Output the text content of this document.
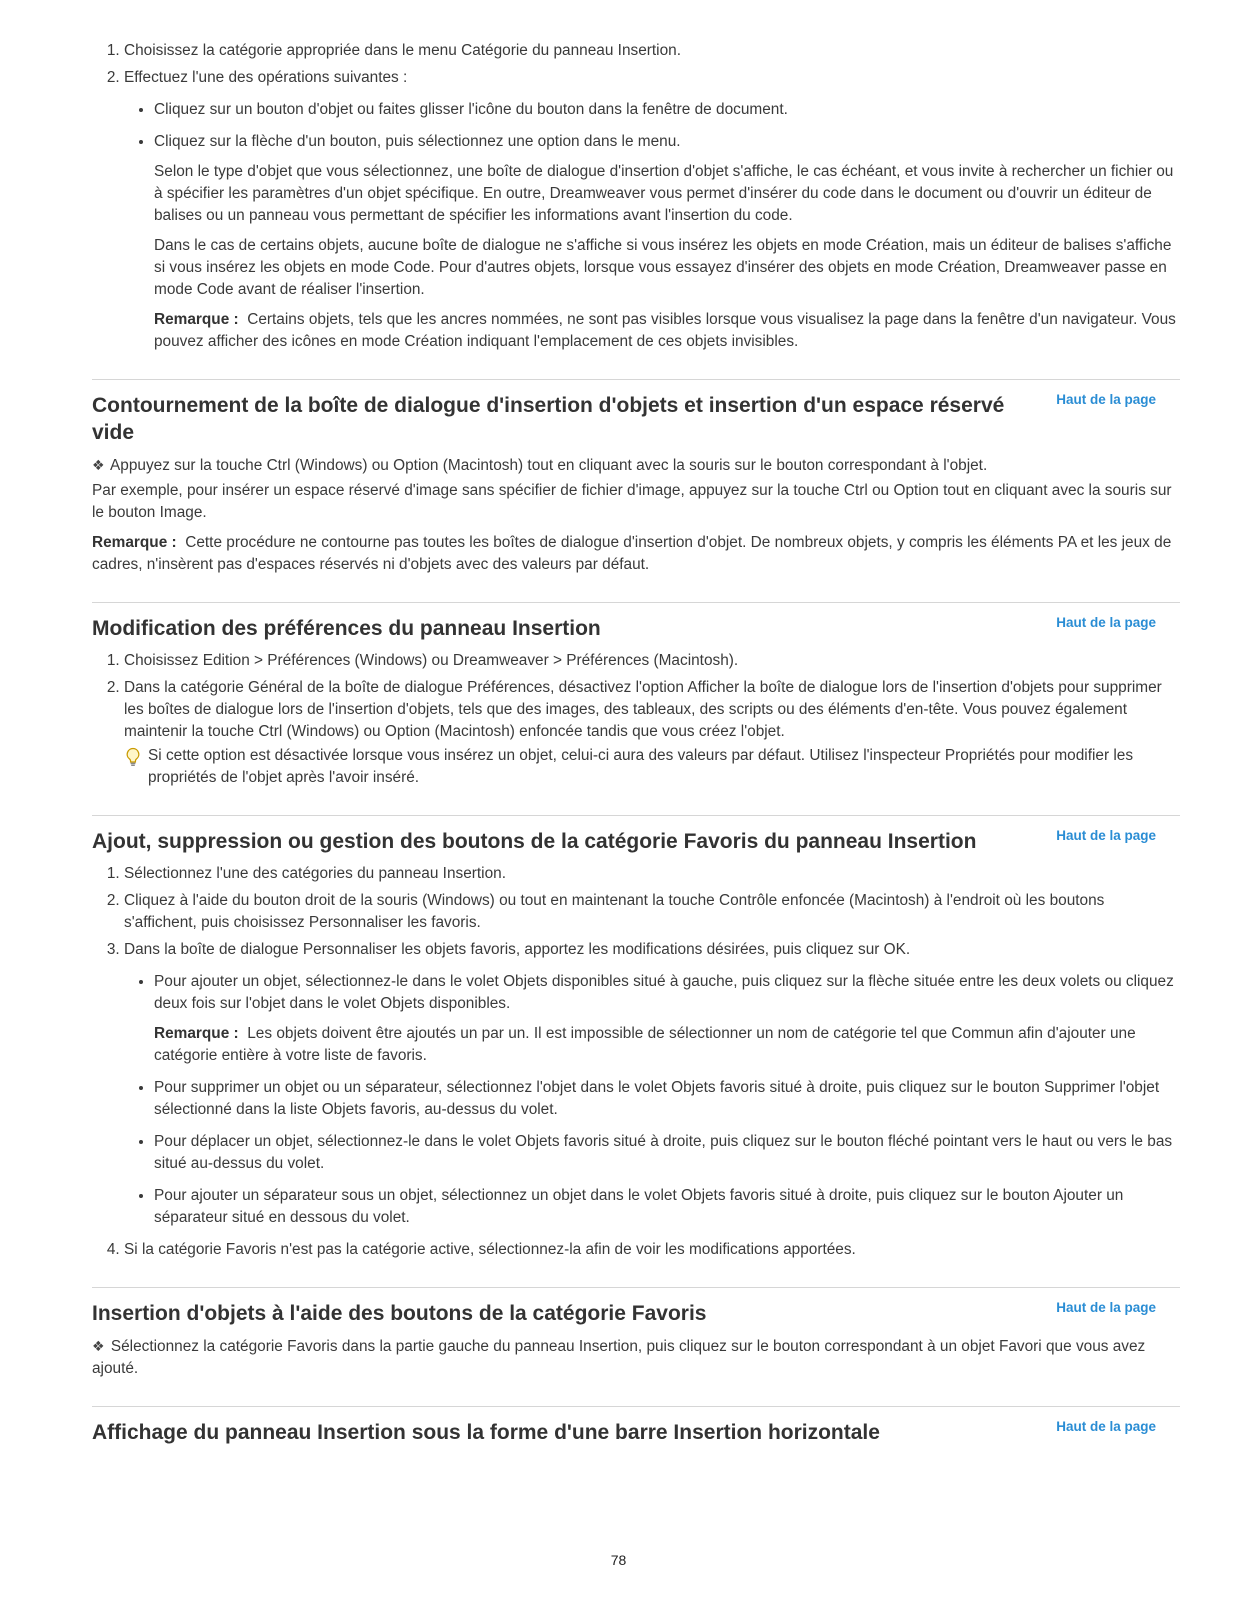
1. Choisissez la catégorie appropriée dans le menu Catégorie du panneau Insertion.
2. Effectuez l'une des opérations suivantes :
• Cliquez sur un bouton d'objet ou faites glisser l'icône du bouton dans la fenêtre de document.
• Cliquez sur la flèche d'un bouton, puis sélectionnez une option dans le menu.

Selon le type d'objet que vous sélectionnez, une boîte de dialogue d'insertion d'objet s'affiche, le cas échéant, et vous invite à rechercher un fichier ou à spécifier les paramètres d'un objet spécifique. En outre, Dreamweaver vous permet d'insérer du code dans le document ou d'ouvrir un éditeur de balises ou un panneau vous permettant de spécifier les informations avant l'insertion du code.

Dans le cas de certains objets, aucune boîte de dialogue ne s'affiche si vous insérez les objets en mode Création, mais un éditeur de balises s'affiche si vous insérez les objets en mode Code. Pour d'autres objets, lorsque vous essayez d'insérer des objets en mode Création, Dreamweaver passe en mode Code avant de réaliser l'insertion.

Remarque : Certains objets, tels que les ancres nommées, ne sont pas visibles lorsque vous visualisez la page dans la fenêtre d'un navigateur. Vous pouvez afficher des icônes en mode Création indiquant l'emplacement de ces objets invisibles.

Haut de la page
Contournement de la boîte de dialogue d'insertion d'objets et insertion d'un espace réservé vide
❖ Appuyez sur la touche Ctrl (Windows) ou Option (Macintosh) tout en cliquant avec la souris sur le bouton correspondant à l'objet.

Par exemple, pour insérer un espace réservé d'image sans spécifier de fichier d'image, appuyez sur la touche Ctrl ou Option tout en cliquant avec la souris sur le bouton Image.

Remarque : Cette procédure ne contourne pas toutes les boîtes de dialogue d'insertion d'objet. De nombreux objets, y compris les éléments PA et les jeux de cadres, n'insèrent pas d'espaces réservés ni d'objets avec des valeurs par défaut.

Haut de la page
Modification des préférences du panneau Insertion
1. Choisissez Edition > Préférences (Windows) ou Dreamweaver > Préférences (Macintosh).
2. Dans la catégorie Général de la boîte de dialogue Préférences, désactivez l'option Afficher la boîte de dialogue lors de l'insertion d'objets pour supprimer les boîtes de dialogue lors de l'insertion d'objets, tels que des images, des tableaux, des scripts ou des éléments d'en-tête. Vous pouvez également maintenir la touche Ctrl (Windows) ou Option (Macintosh) enfoncée tandis que vous créez l'objet.
Si cette option est désactivée lorsque vous insérez un objet, celui-ci aura des valeurs par défaut. Utilisez l'inspecteur Propriétés pour modifier les propriétés de l'objet après l'avoir inséré.
Haut de la page
Ajout, suppression ou gestion des boutons de la catégorie Favoris du panneau Insertion
1. Sélectionnez l'une des catégories du panneau Insertion.
2. Cliquez à l'aide du bouton droit de la souris (Windows) ou tout en maintenant la touche Contrôle enfoncée (Macintosh) à l'endroit où les boutons s'affichent, puis choisissez Personnaliser les favoris.
3. Dans la boîte de dialogue Personnaliser les objets favoris, apportez les modifications désirées, puis cliquez sur OK.
• Pour ajouter un objet, sélectionnez-le dans le volet Objets disponibles situé à gauche, puis cliquez sur la flèche située entre les deux volets ou cliquez deux fois sur l'objet dans le volet Objets disponibles.

Remarque : Les objets doivent être ajoutés un par un. Il est impossible de sélectionner un nom de catégorie tel que Commun afin d'ajouter une catégorie entière à votre liste de favoris.

• Pour supprimer un objet ou un séparateur, sélectionnez l'objet dans le volet Objets favoris situé à droite, puis cliquez sur le bouton Supprimer l'objet sélectionné dans la liste Objets favoris, au-dessus du volet.
• Pour déplacer un objet, sélectionnez-le dans le volet Objets favoris situé à droite, puis cliquez sur le bouton fléché pointant vers le haut ou vers le bas situé au-dessus du volet.
• Pour ajouter un séparateur sous un objet, sélectionnez un objet dans le volet Objets favoris situé à droite, puis cliquez sur le bouton Ajouter un séparateur situé en dessous du volet.
4. Si la catégorie Favoris n'est pas la catégorie active, sélectionnez-la afin de voir les modifications apportées.
Haut de la page
Insertion d'objets à l'aide des boutons de la catégorie Favoris
❖ Sélectionnez la catégorie Favoris dans la partie gauche du panneau Insertion, puis cliquez sur le bouton correspondant à un objet Favori que vous avez ajouté.
Haut de la page
Affichage du panneau Insertion sous la forme d'une barre Insertion horizontale
78
